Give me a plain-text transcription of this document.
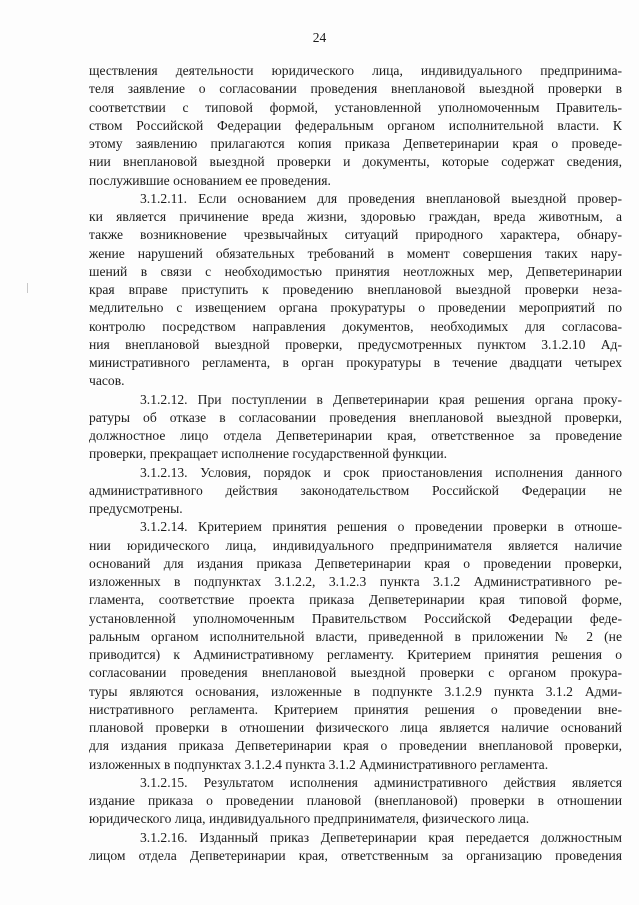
24
ществления деятельности юридического лица, индивидуального предпринима-
теля заявление о согласовании проведения внеплановой выездной проверки в
соответствии с типовой формой, установленной уполномоченным Правитель-
ством Российской Федерации федеральным органом исполнительной власти. К
этому заявлению прилагаются копия приказа Депветеринарии края о проведе-
нии внеплановой выездной проверки и документы, которые содержат сведения,
послужившие основанием ее проведения.
3.1.2.11. Если основанием для проведения внеплановой выездной провер-
ки является причинение вреда жизни, здоровью граждан, вреда животным, а
также возникновение чрезвычайных ситуаций природного характера, обнару-
жение нарушений обязательных требований в момент совершения таких нару-
шений в связи с необходимостью принятия неотложных мер, Депветеринарии
края вправе приступить к проведению внеплановой выездной проверки неза-
медлительно с извещением органа прокуратуры о проведении мероприятий по
контролю посредством направления документов, необходимых для согласова-
ния внеплановой выездной проверки, предусмотренных пунктом 3.1.2.10 Ад-
министративного регламента, в орган прокуратуры в течение двадцати четырех
часов.
3.1.2.12. При поступлении в Депветеринарии края решения органа проку-
ратуры об отказе в согласовании проведения внеплановой выездной проверки,
должностное лицо отдела Депветеринарии края, ответственное за проведение
проверки, прекращает исполнение государственной функции.
3.1.2.13. Условия, порядок и срок приостановления исполнения данного
административного действия законодательством Российской Федерации не
предусмотрены.
3.1.2.14. Критерием принятия решения о проведении проверки в отноше-
нии юридического лица, индивидуального предпринимателя является наличие
оснований для издания приказа Депветеринарии края о проведении проверки,
изложенных в подпунктах 3.1.2.2, 3.1.2.3 пункта 3.1.2 Административного ре-
гламента, соответствие проекта приказа Депветеринарии края типовой форме,
установленной уполномоченным Правительством Российской Федерации феде-
ральным органом исполнительной власти, приведенной в приложении № 2 (не
приводится) к Административному регламенту. Критерием принятия решения о
согласовании проведения внеплановой выездной проверки с органом прокура-
туры являются основания, изложенные в подпункте 3.1.2.9 пункта 3.1.2 Адми-
нистративного регламента. Критерием принятия решения о проведении вне-
плановой проверки в отношении физического лица является наличие оснований
для издания приказа Депветеринарии края о проведении внеплановой проверки,
изложенных в подпунктах 3.1.2.4 пункта 3.1.2 Административного регламента.
3.1.2.15. Результатом исполнения административного действия является
издание приказа о проведении плановой (внеплановой) проверки в отношении
юридического лица, индивидуального предпринимателя, физического лица.
3.1.2.16. Изданный приказ Депветеринарии края передается должностным
лицом отдела Депветеринарии края, ответственным за организацию проведения
